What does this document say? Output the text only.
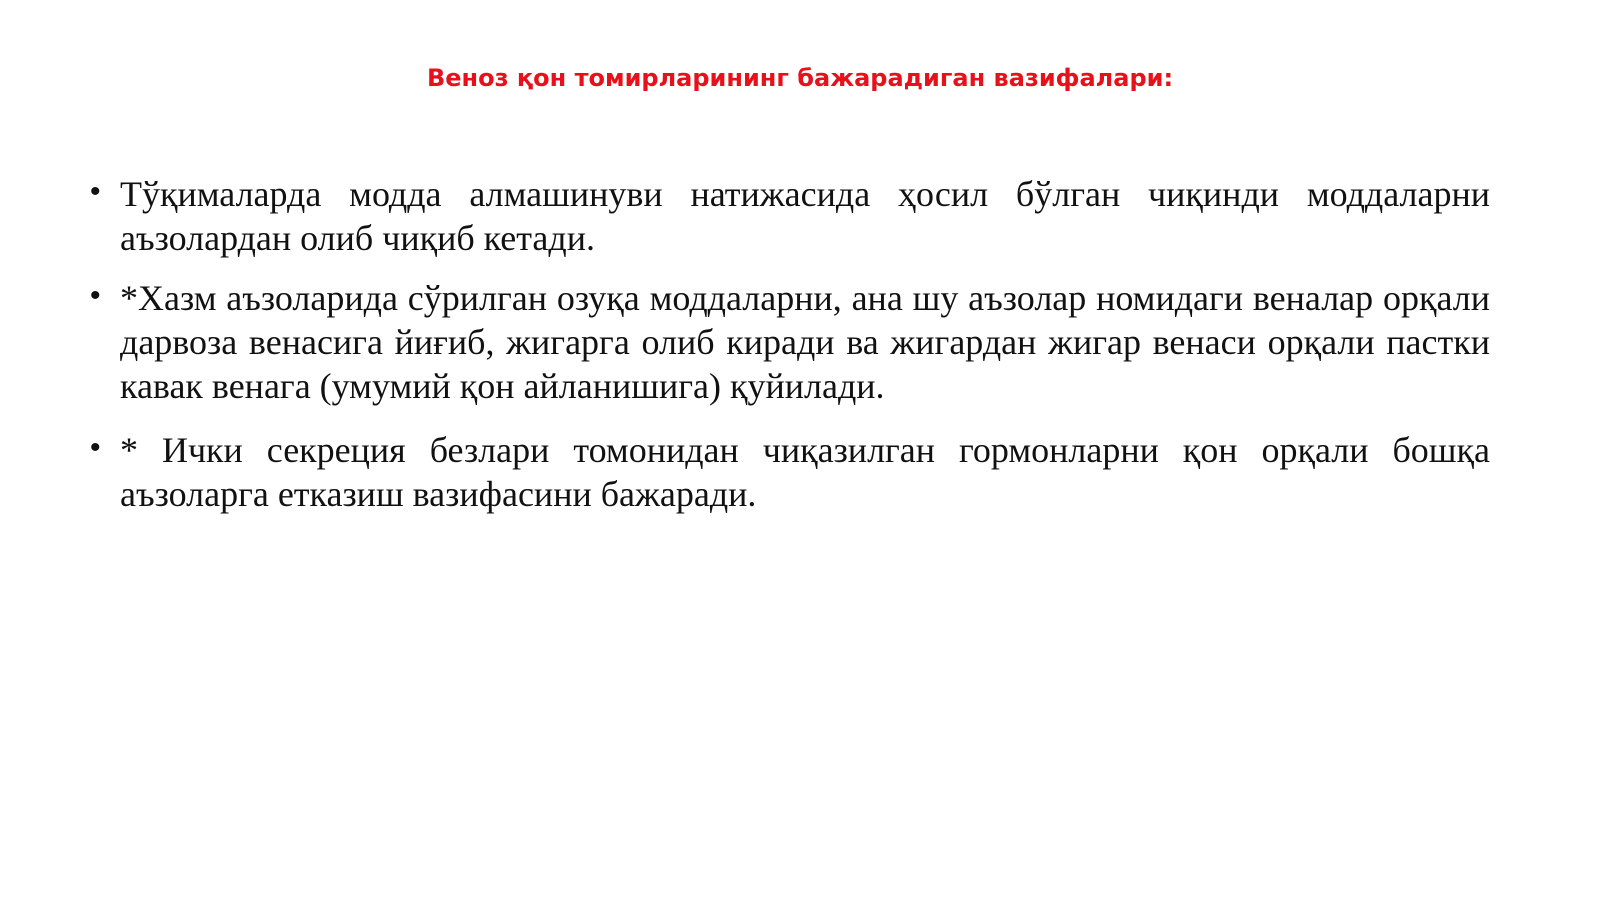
Веноз қон томирларининг бажарадиган вазифалари:
• Тўқималарда модда алмашинуви натижасида ҳосил бўлган чиқинди моддаларни аъзолардан олиб чиқиб кетади.
• *Хазм аъзоларида сўрилган озуқа моддаларни, ана шу аъзолар номидаги веналар орқали дарвоза венасига йиғиб, жигарга олиб киради ва жигардан жигар венаси орқали пастки кавак венага (умумий қон айланишига) қуйилади.
• * Ички секреция безлари томонидан чиқазилган гормонларни қон орқали бошқа аъзоларга етказиш вазифасини бажаради.
